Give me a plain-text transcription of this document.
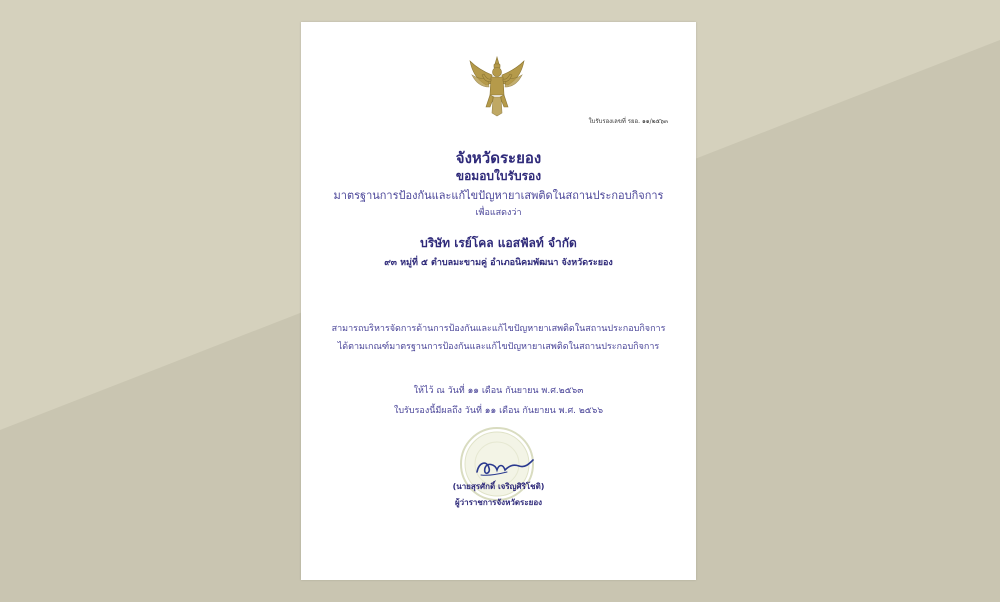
ใบรับรองเลขที่ รยอ. ๑๑/๒๕๖๓
จังหวัดระยอง
ขอมอบใบรับรอง
มาตรฐานการป้องกันและแก้ไขปัญหายาเสพติดในสถานประกอบกิจการ
เพื่อแสดงว่า
บริษัท เรย์โคล แอสฟัลท์ จำกัด
๙๓ หมู่ที่ ๕ ตำบลมะขามคู่ อำเภอนิคมพัฒนา จังหวัดระยอง
สามารถบริหารจัดการด้านการป้องกันและแก้ไขปัญหายาเสพติดในสถานประกอบกิจการ
ได้ตามเกณฑ์มาตรฐานการป้องกันและแก้ไขปัญหายาเสพติดในสถานประกอบกิจการ
ให้ไว้ ณ วันที่ ๑๑ เดือน กันยายน พ.ศ.๒๕๖๓
ใบรับรองนี้มีผลถึง วันที่ ๑๑ เดือน กันยายน พ.ศ. ๒๕๖๖
(นายสุรศักดิ์ เจริญศิริโชติ)
ผู้ว่าราชการจังหวัดระยอง
